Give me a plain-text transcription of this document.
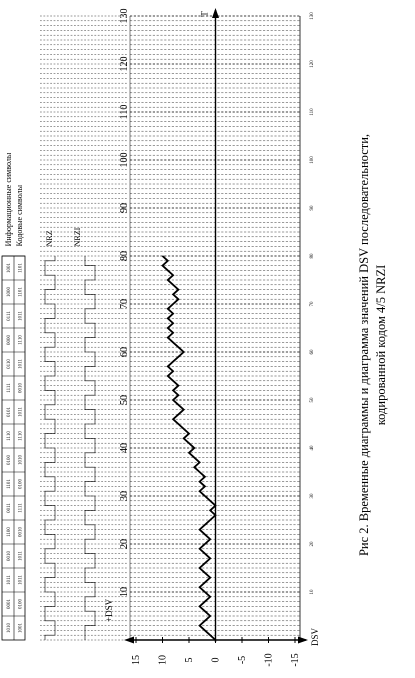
1010 1001
0001 0100
1011 1011
0010 1011
1100 0010
0011 1111
1101 0100
0100 1010
1110 1110
0101 1011
1111 0010
0110 1011
0000 1110
0111 1011
1000 1101
1001 1101
Информационные символы Кодовые символы	NRZ NRZI
T
DSV
+DSV
10	10
20	20
30	30
40	40
50	50
60	60
70	70
80	80
90	90
100	100
110	110
120	120
130	130
15 10 5 0 -5 -10 -15
Рис 2. Временные диаграммы и диаграмма значений DSV последовательности, кодированной кодом 4/5 NRZI
